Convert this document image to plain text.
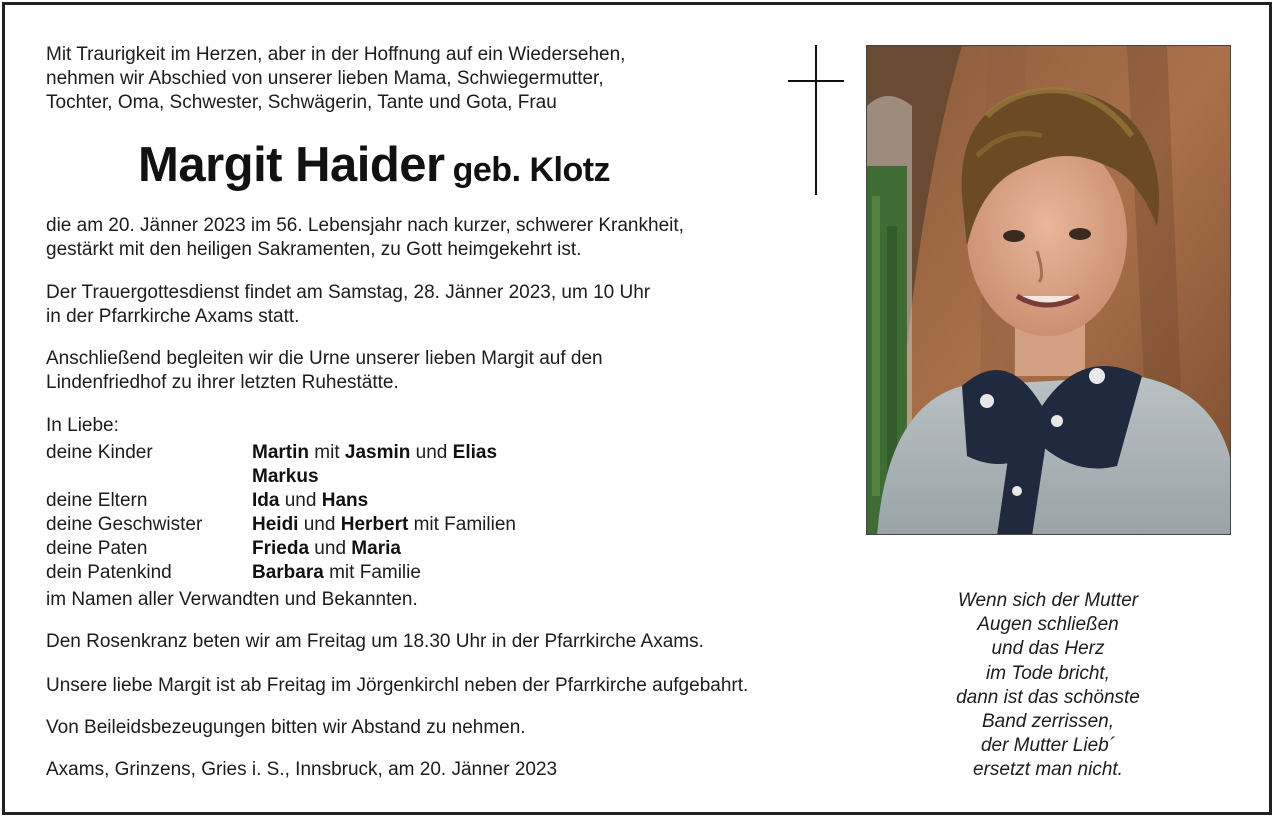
Mit Traurigkeit im Herzen, aber in der Hoffnung auf ein Wiedersehen,
nehmen wir Abschied von unserer lieben Mama, Schwiegermutter,
Tochter, Oma, Schwester, Schwägerin, Tante und Gota, Frau
Margit Haider geb. Klotz
die am 20. Jänner 2023 im 56. Lebensjahr nach kurzer, schwerer Krankheit,
gestärkt mit den heiligen Sakramenten, zu Gott heimgekehrt ist.
Der Trauergottesdienst findet am Samstag, 28. Jänner 2023, um 10 Uhr
in der Pfarrkirche Axams statt.
Anschließend begleiten wir die Urne unserer lieben Margit auf den
Lindenfriedhof zu ihrer letzten Ruhestätte.
In Liebe:
deine Kinder	Martin mit Jasmin und Elias
Markus
deine Eltern	Ida und Hans
deine Geschwister	Heidi und Herbert mit Familien
deine Paten	Frieda und Maria
dein Patenkind	Barbara mit Familie
im Namen aller Verwandten und Bekannten.
Den Rosenkranz beten wir am Freitag um 18.30 Uhr in der Pfarrkirche Axams.
Unsere liebe Margit ist ab Freitag im Jörgenkirchl neben der Pfarrkirche aufgebahrt.
Von Beileidsbezeugungen bitten wir Abstand zu nehmen.
Axams, Grinzens, Gries i. S., Innsbruck, am 20. Jänner 2023
Wenn sich der Mutter
Augen schließen
und das Herz
im Tode bricht,
dann ist das schönste
Band zerrissen,
der Mutter Lieb´
ersetzt man nicht.
